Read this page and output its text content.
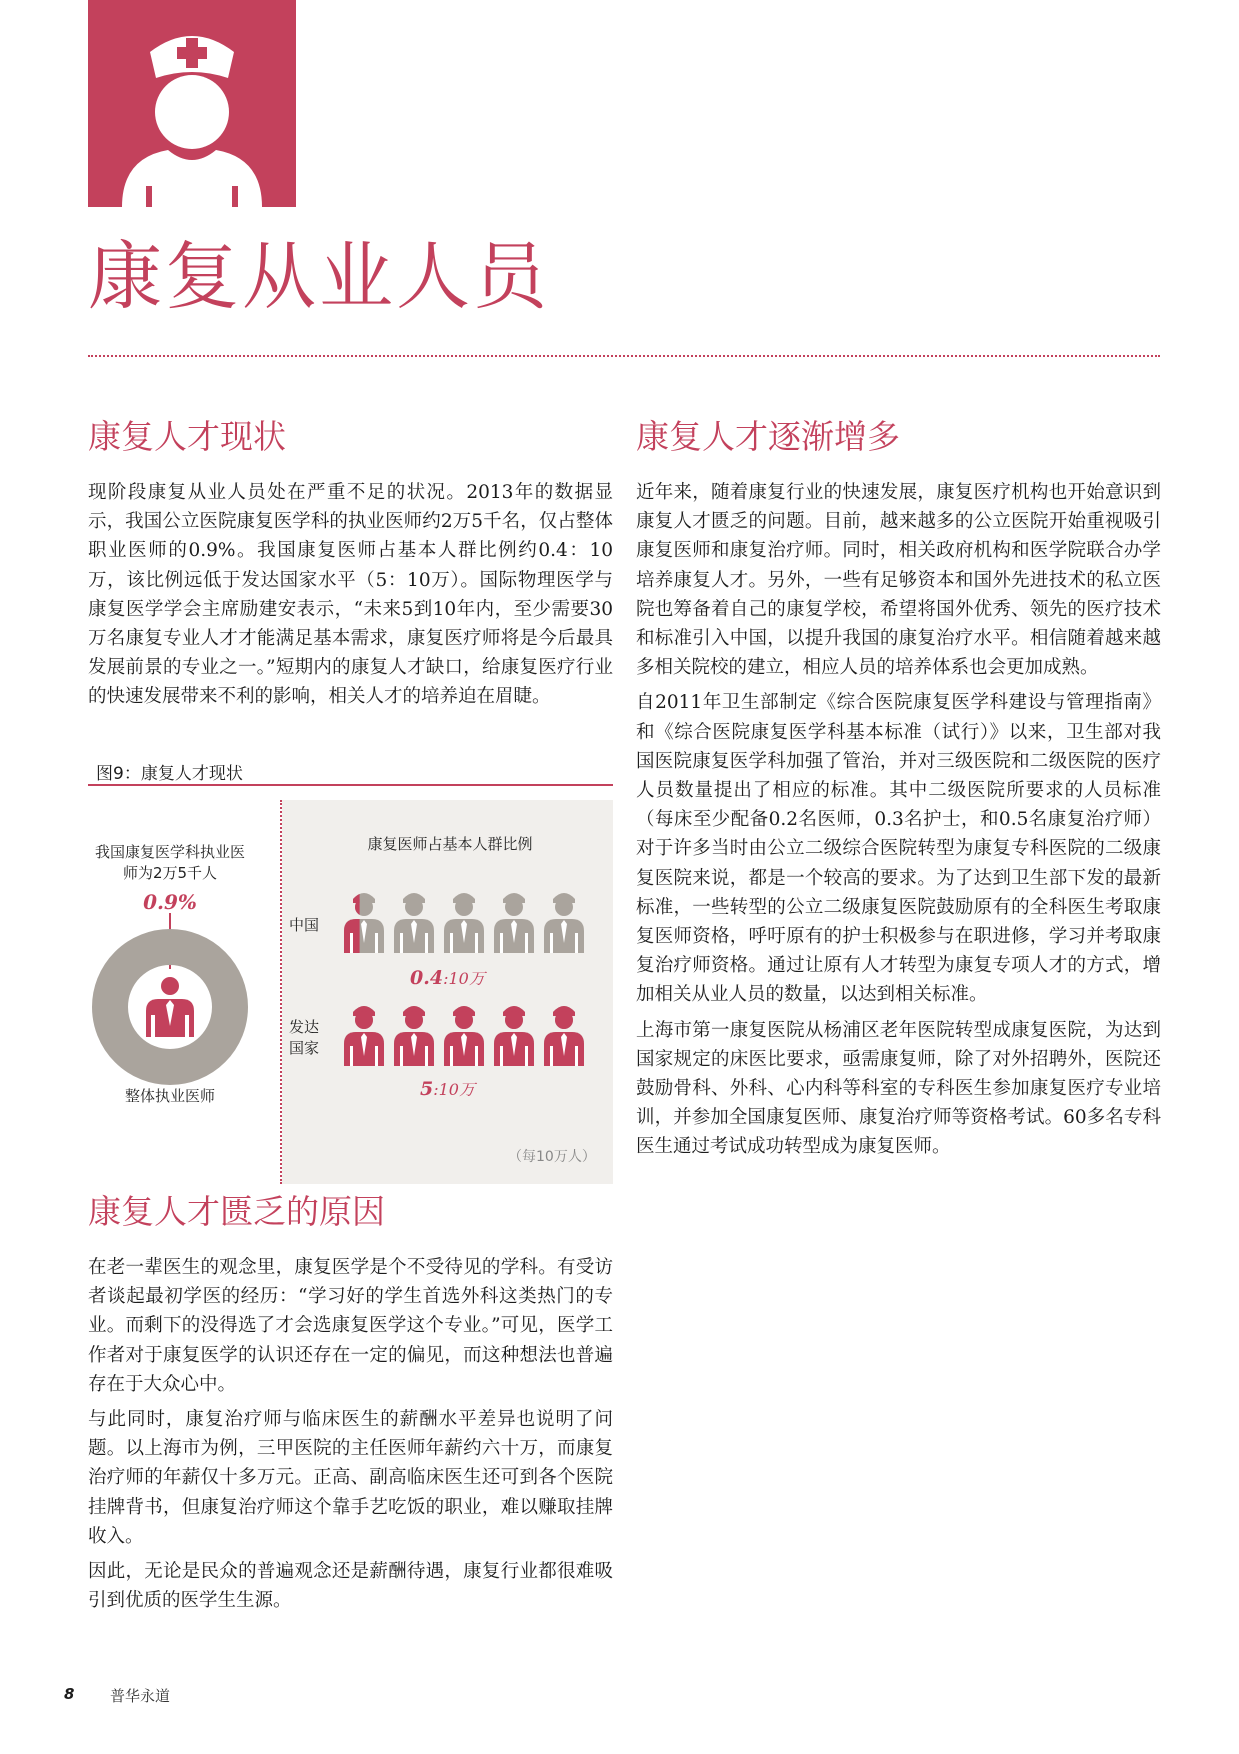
康复从业人员
康复人才现状

现阶段康复从业人员处在严重不足的状况。2013年的数据显示，我国公立医院康复医学科的执业医师约2万5千名，仅占整体职业医师的0.9%。我国康复医师占基本人群比例约0.4：10万，该比例远低于发达国家水平（5：10万）。国际物理医学与康复医学学会主席励建安表示，“未来5到10年内，至少需要30万名康复专业人才才能满足基本需求，康复医疗师将是今后最具发展前景的专业之一。”短期内的康复人才缺口，给康复医疗行业的快速发展带来不利的影响，相关人才的培养迫在眉睫。

图9：康复人才现状
我国康复医学科执业医师为2万5千人
0.9%
整体执业医师
康复医师占基本人群比例
中国
0.4:10万
发达国家
5:10万
（每10万人）
康复人才匮乏的原因

在老一辈医生的观念里，康复医学是个不受待见的学科。有受访者谈起最初学医的经历：“学习好的学生首选外科这类热门的专业。而剩下的没得选了才会选康复医学这个专业。”可见，医学工作者对于康复医学的认识还存在一定的偏见，而这种想法也普遍存在于大众心中。

与此同时，康复治疗师与临床医生的薪酬水平差异也说明了问题。以上海市为例，三甲医院的主任医师年薪约六十万，而康复治疗师的年薪仅十多万元。正高、副高临床医生还可到各个医院挂牌背书，但康复治疗师这个靠手艺吃饭的职业，难以赚取挂牌收入。

因此，无论是民众的普遍观念还是薪酬待遇，康复行业都很难吸引到优质的医学生生源。

康复人才逐渐增多

近年来，随着康复行业的快速发展，康复医疗机构也开始意识到康复人才匮乏的问题。目前，越来越多的公立医院开始重视吸引康复医师和康复治疗师。同时，相关政府机构和医学院联合办学培养康复人才。另外，一些有足够资本和国外先进技术的私立医院也筹备着自己的康复学校，希望将国外优秀、领先的医疗技术和标准引入中国，以提升我国的康复治疗水平。相信随着越来越多相关院校的建立，相应人员的培养体系也会更加成熟。

自2011年卫生部制定《综合医院康复医学科建设与管理指南》和《综合医院康复医学科基本标准（试行）》以来，卫生部对我国医院康复医学科加强了管治，并对三级医院和二级医院的医疗人员数量提出了相应的标准。其中二级医院所要求的人员标准（每床至少配备0.2名医师，0.3名护士，和0.5名康复治疗师）对于许多当时由公立二级综合医院转型为康复专科医院的二级康复医院来说，都是一个较高的要求。为了达到卫生部下发的最新标准，一些转型的公立二级康复医院鼓励原有的全科医生考取康复医师资格，呼吁原有的护士积极参与在职进修，学习并考取康复治疗师资格。通过让原有人才转型为康复专项人才的方式，增加相关从业人员的数量，以达到相关标准。

上海市第一康复医院从杨浦区老年医院转型成康复医院，为达到国家规定的床医比要求，亟需康复师，除了对外招聘外，医院还鼓励骨科、外科、心内科等科室的专科医生参加康复医疗专业培训，并参加全国康复医师、康复治疗师等资格考试。60多名专科医生通过考试成功转型成为康复医师。

8 普华永道
